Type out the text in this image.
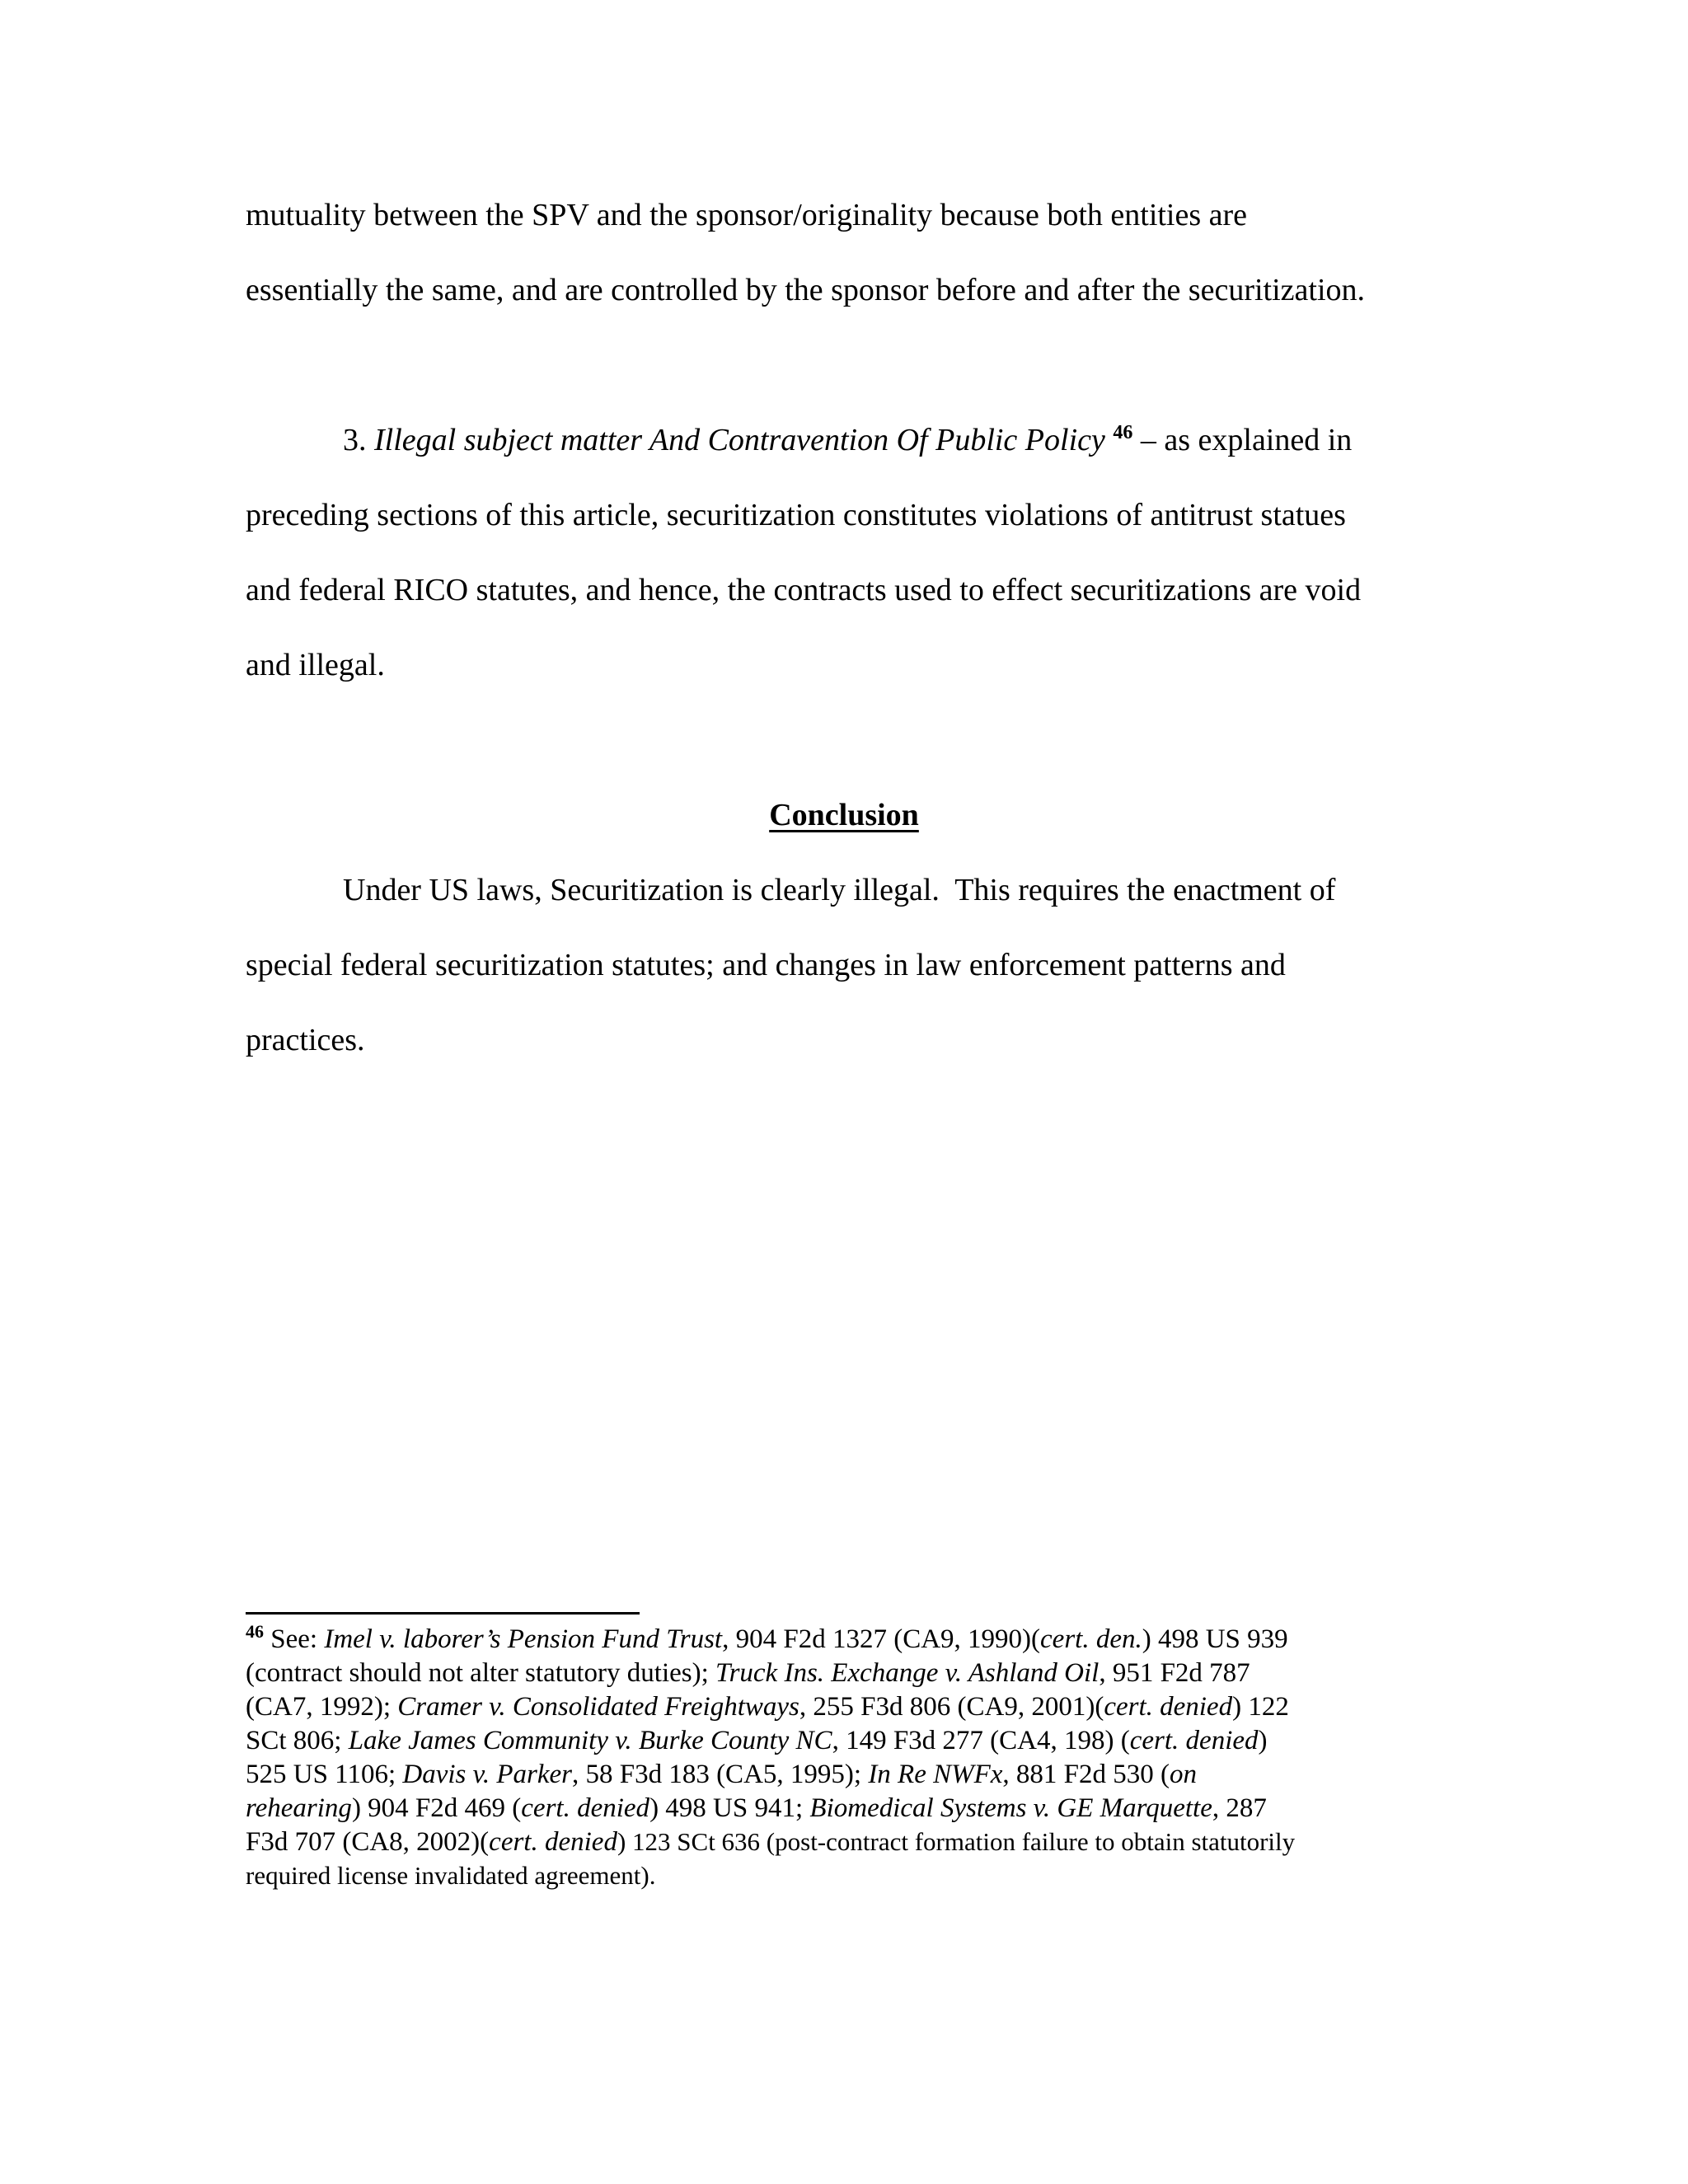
mutuality between the SPV and the sponsor/originality because both entities are
essentially the same, and are controlled by the sponsor before and after the securitization.
3. Illegal subject matter And Contravention Of Public Policy $^{46}$ – as explained in
preceding sections of this article, securitization constitutes violations of antitrust statues
and federal RICO statutes, and hence, the contracts used to effect securitizations are void
and illegal.
Conclusion
Under US laws, Securitization is clearly illegal.  This requires the enactment of
special federal securitization statutes; and changes in law enforcement patterns and
practices.
$^{46}$ See: Imel v. laborer’s Pension Fund Trust, 904 F2d 1327 (CA9, 1990)(cert. den.) 498 US 939
(contract should not alter statutory duties); Truck Ins. Exchange v. Ashland Oil, 951 F2d 787
(CA7, 1992); Cramer v. Consolidated Freightways, 255 F3d 806 (CA9, 2001)(cert. denied) 122
SCt 806; Lake James Community v. Burke County NC, 149 F3d 277 (CA4, 198) (cert. denied)
525 US 1106; Davis v. Parker, 58 F3d 183 (CA5, 1995); In Re NWFx, 881 F2d 530 (on
rehearing) 904 F2d 469 (cert. denied) 498 US 941; Biomedical Systems v. GE Marquette, 287
F3d 707 (CA8, 2002)(cert. denied) 123 SCt 636 (post-contract formation failure to obtain statutorily
required license invalidated agreement).
